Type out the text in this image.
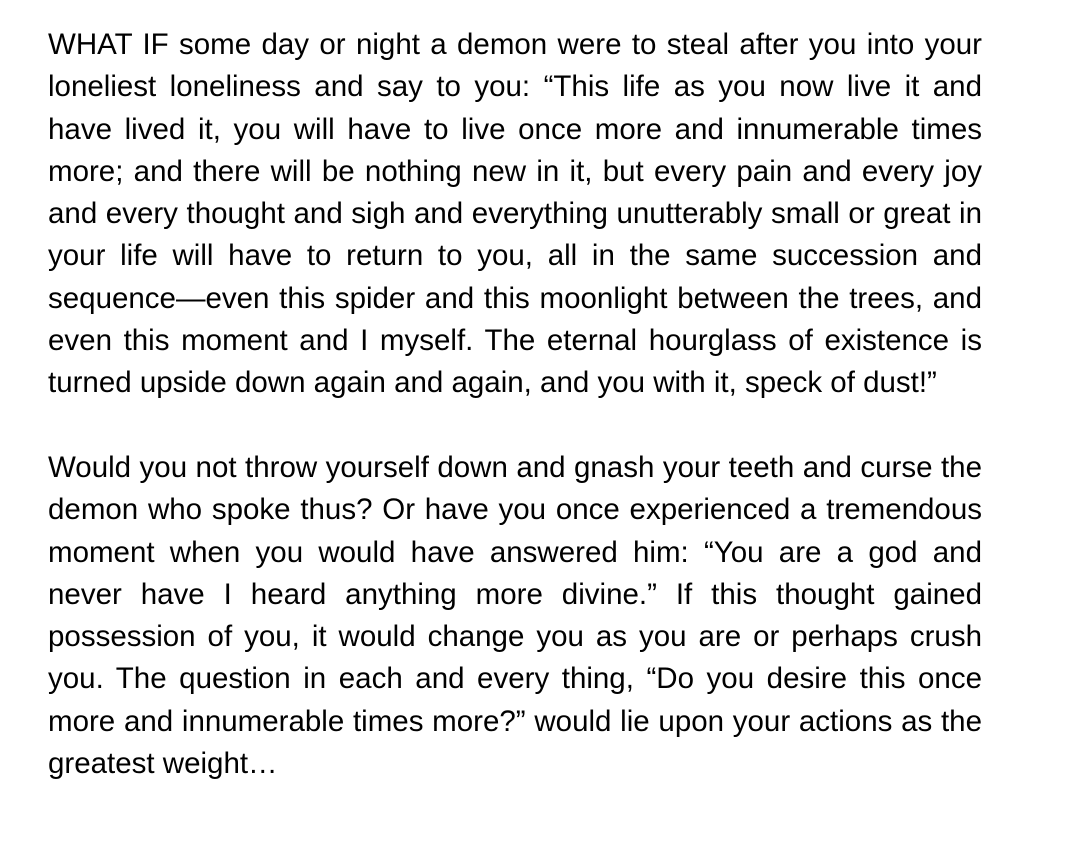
WHAT IF some day or night a demon were to steal after you into your loneliest loneliness and say to you: “This life as you now live it and have lived it, you will have to live once more and innumerable times more; and there will be nothing new in it, but every pain and every joy and every thought and sigh and everything unutterably small or great in your life will have to return to you, all in the same succession and sequence—even this spider and this moonlight between the trees, and even this moment and I myself. The eternal hourglass of existence is turned upside down again and again, and you with it, speck of dust!”

Would you not throw yourself down and gnash your teeth and curse the demon who spoke thus? Or have you once experienced a tremendous moment when you would have answered him: “You are a god and never have I heard anything more divine.” If this thought gained possession of you, it would change you as you are or perhaps crush you. The question in each and every thing, “Do you desire this once more and innumerable times more?” would lie upon your actions as the greatest weight…
